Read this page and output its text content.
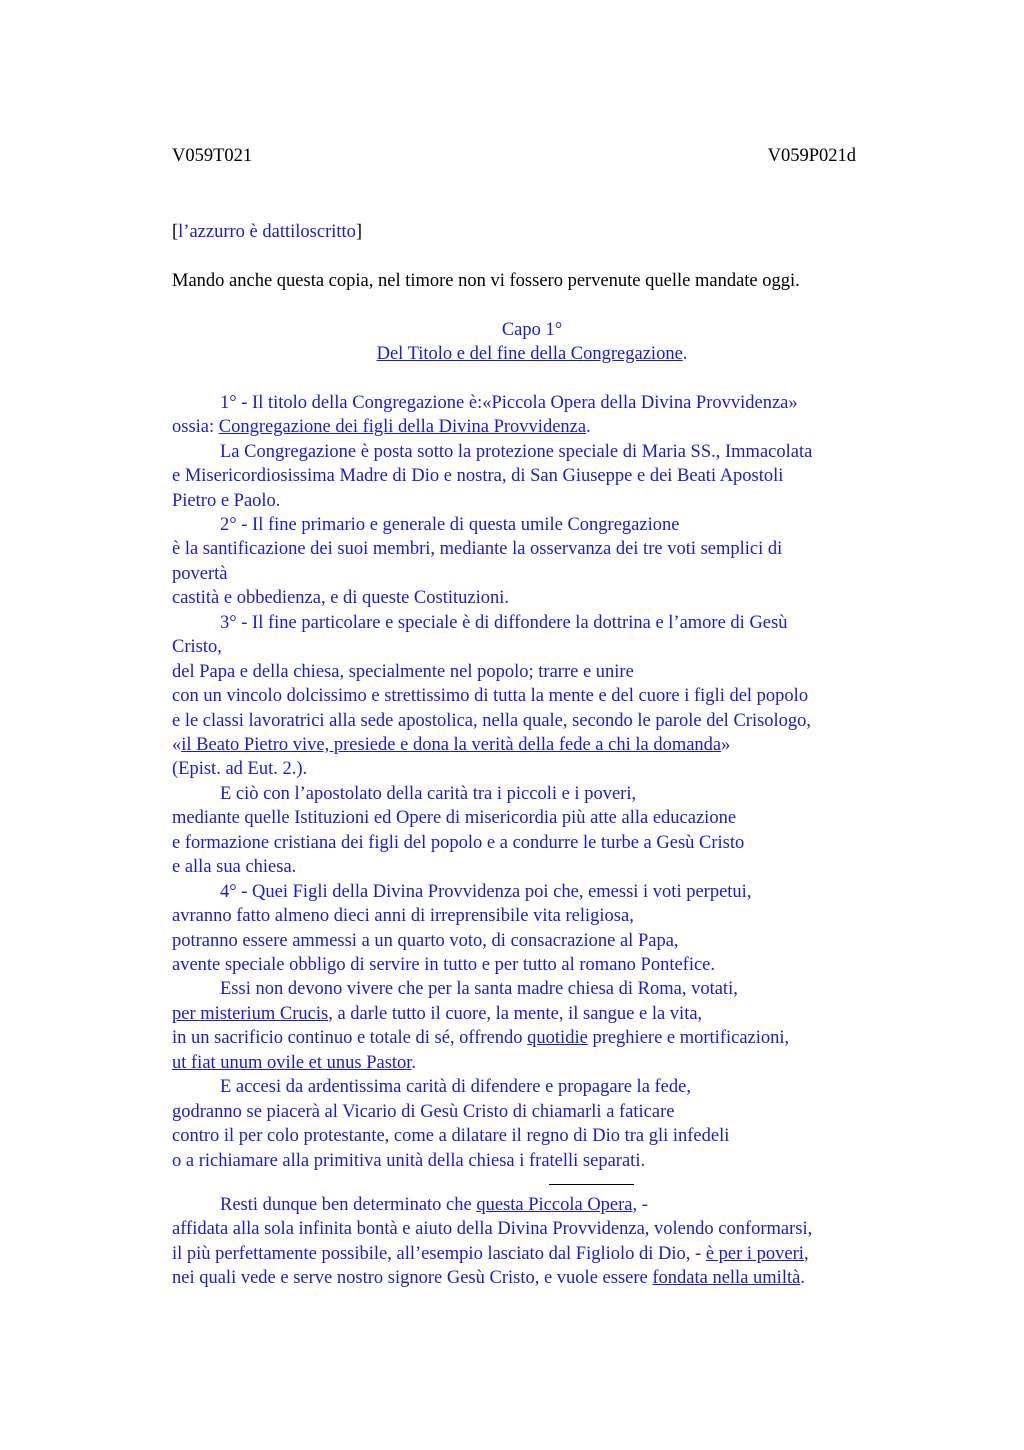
V059T021	V059P021d
[l’azzurro è dattiloscritto]
Mando anche questa copia, nel timore non vi fossero pervenute quelle mandate oggi.
Capo 1°
Del Titolo e del fine della Congregazione.
1° - Il titolo della Congregazione è:«Piccola Opera della Divina Provvidenza»
ossia: Congregazione dei figli della Divina Provvidenza.
La Congregazione è posta sotto la protezione speciale di Maria SS., Immacolata
e Misericordiosissima Madre di Dio e nostra, di San Giuseppe e dei Beati Apostoli
Pietro e Paolo.
2° - Il fine primario e generale di questa umile Congregazione
è la santificazione dei suoi membri, mediante la osservanza dei tre voti semplici di
povertà
castità e obbedienza, e di queste Costituzioni.
3° - Il fine particolare e speciale è di diffondere la dottrina e l’amore di Gesù
Cristo,
del Papa e della chiesa, specialmente nel popolo; trarre e unire
con un vincolo dolcissimo e strettissimo di tutta la mente e del cuore i figli del popolo
e le classi lavoratrici alla sede apostolica, nella quale, secondo le parole del Crisologo,
«il Beato Pietro vive, presiede e dona la verità della fede a chi la domanda»
(Epist. ad Eut. 2.).
E ciò con l’apostolato della carità tra i piccoli e i poveri,
mediante quelle Istituzioni ed Opere di misericordia più atte alla educazione
e formazione cristiana dei figli del popolo e a condurre le turbe a Gesù Cristo
e alla sua chiesa.
4° - Quei Figli della Divina Provvidenza poi che, emessi i voti perpetui,
avranno fatto almeno dieci anni di irreprensibile vita religiosa,
potranno essere ammessi a un quarto voto, di consacrazione al Papa,
avente speciale obbligo di servire in tutto e per tutto al romano Pontefice.
Essi non devono vivere che per la santa madre chiesa di Roma, votati,
per misterium Crucis, a darle tutto il cuore, la mente, il sangue e la vita,
in un sacrificio continuo e totale di sé, offrendo quotidie preghiere e mortificazioni,
ut fiat unum ovile et unus Pastor.
E accesi da ardentissima carità di difendere e propagare la fede,
godranno se piacerà al Vicario di Gesù Cristo di chiamarli a faticare
contro il per colo protestante, come a dilatare il regno di Dio tra gli infedeli
o a richiamare alla primitiva unità della chiesa i fratelli separati.
Resti dunque ben determinato che questa Piccola Opera, -
affidata alla sola infinita bontà e aiuto della Divina Provvidenza, volendo conformarsi,
il più perfettamente possibile, all’esempio lasciato dal Figliolo di Dio, - è per i poveri,
nei quali vede e serve nostro signore Gesù Cristo, e vuole essere fondata nella umiltà.
